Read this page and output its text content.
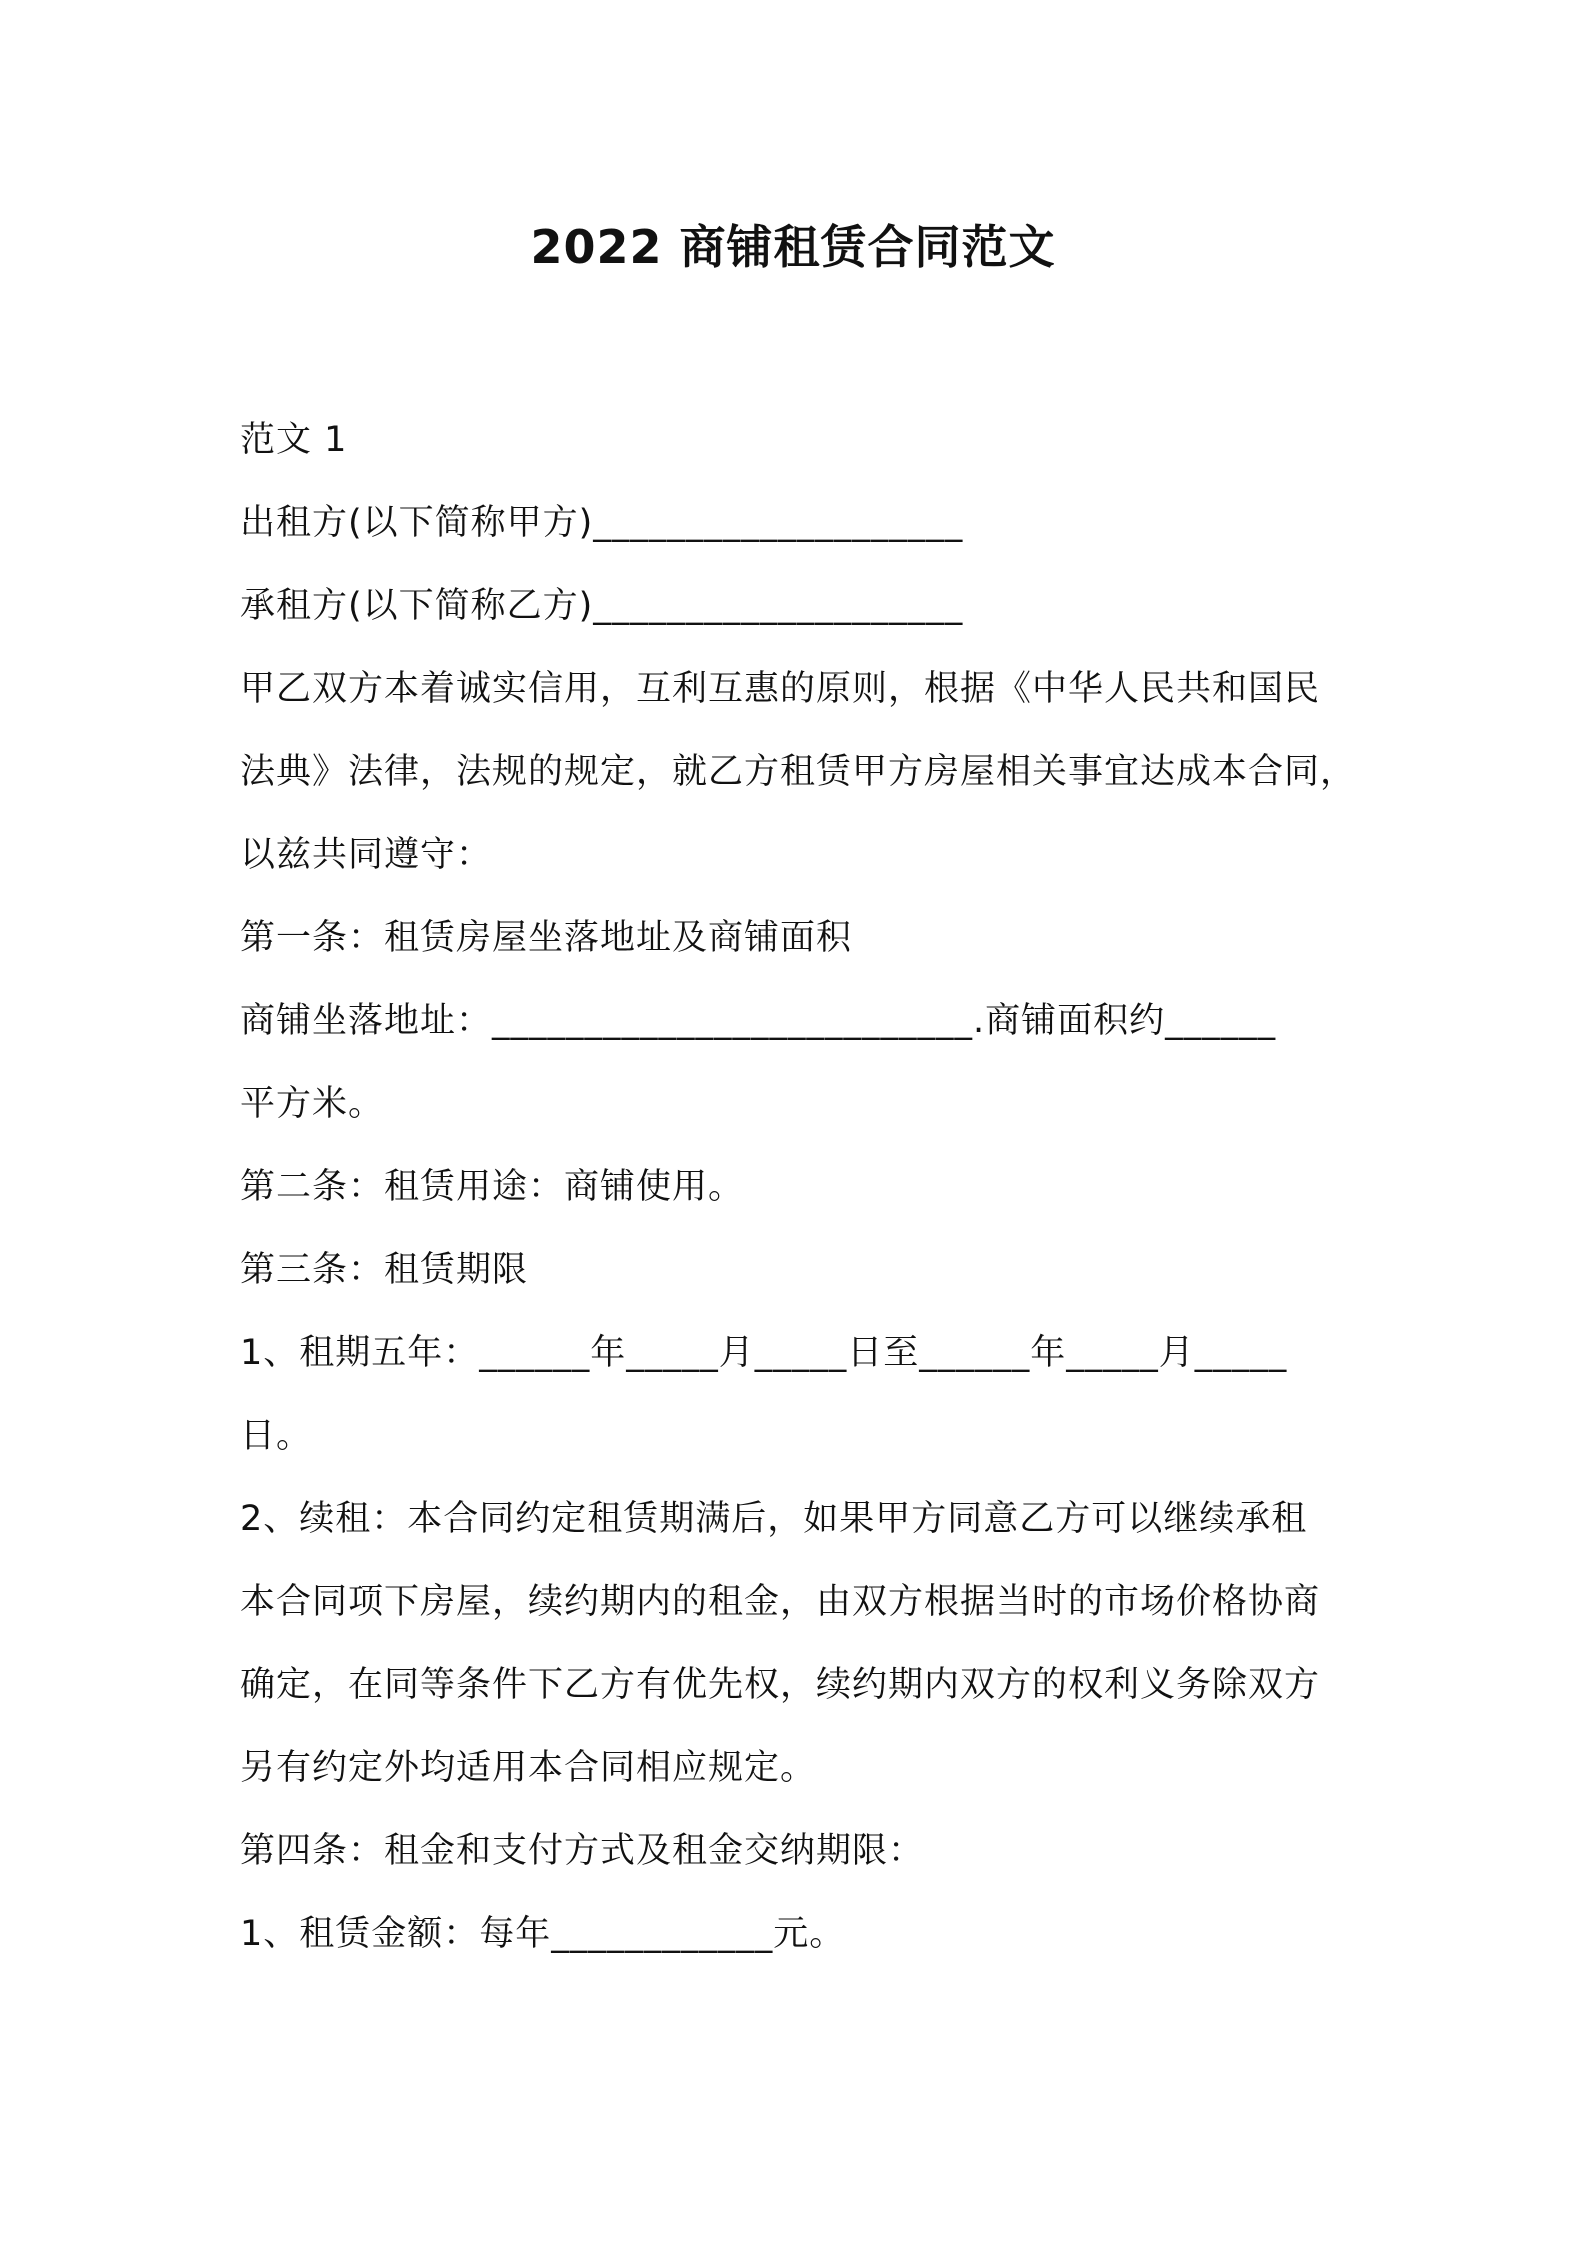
2022 商铺租赁合同范文
范文 1
出租方(以下简称甲方)____________________
承租方(以下简称乙方)____________________
甲乙双方本着诚实信用，互利互惠的原则，根据《中华人民共和国民
法典》法律，法规的规定，就乙方租赁甲方房屋相关事宜达成本合同，
以兹共同遵守：
第一条：租赁房屋坐落地址及商铺面积
商铺坐落地址：__________________________.商铺面积约______
平方米。
第二条：租赁用途：商铺使用。
第三条：租赁期限
1、租期五年：______年_____月_____日至______年_____月_____
日。
2、续租：本合同约定租赁期满后，如果甲方同意乙方可以继续承租
本合同项下房屋，续约期内的租金，由双方根据当时的市场价格协商
确定，在同等条件下乙方有优先权，续约期内双方的权利义务除双方
另有约定外均适用本合同相应规定。
第四条：租金和支付方式及租金交纳期限：
1、租赁金额：每年____________元。
